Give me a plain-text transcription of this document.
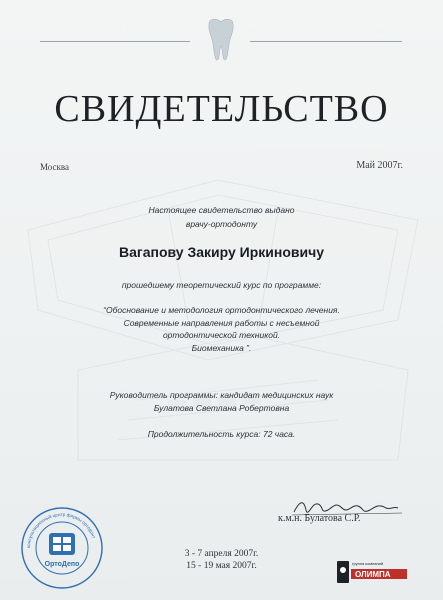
СВИДЕТЕЛЬСТВО
Москва	Май 2007г.
Настоящее свидетельство выдано
врачу-ортодонту
Вагапову Закиру Иркиновичу
прошедшему теоретический курс по программе:
“Обоснование и методология ортодонтического лечения.
Современные направления работы с несъемной
ортодонтической техникой.
Биомеханика ”.
Руководитель программы: кандидат медицинских наук
Булатова Светлана Робертовна
Продолжительность курса: 72 часа.
к.м.н. Булатова С.Р.
консультационный центр фирмы ортодонт
ОртоДепо
3 - 7 апреля 2007г.
15 - 19 мая 2007г.	группа компаний
ОЛИМПА
